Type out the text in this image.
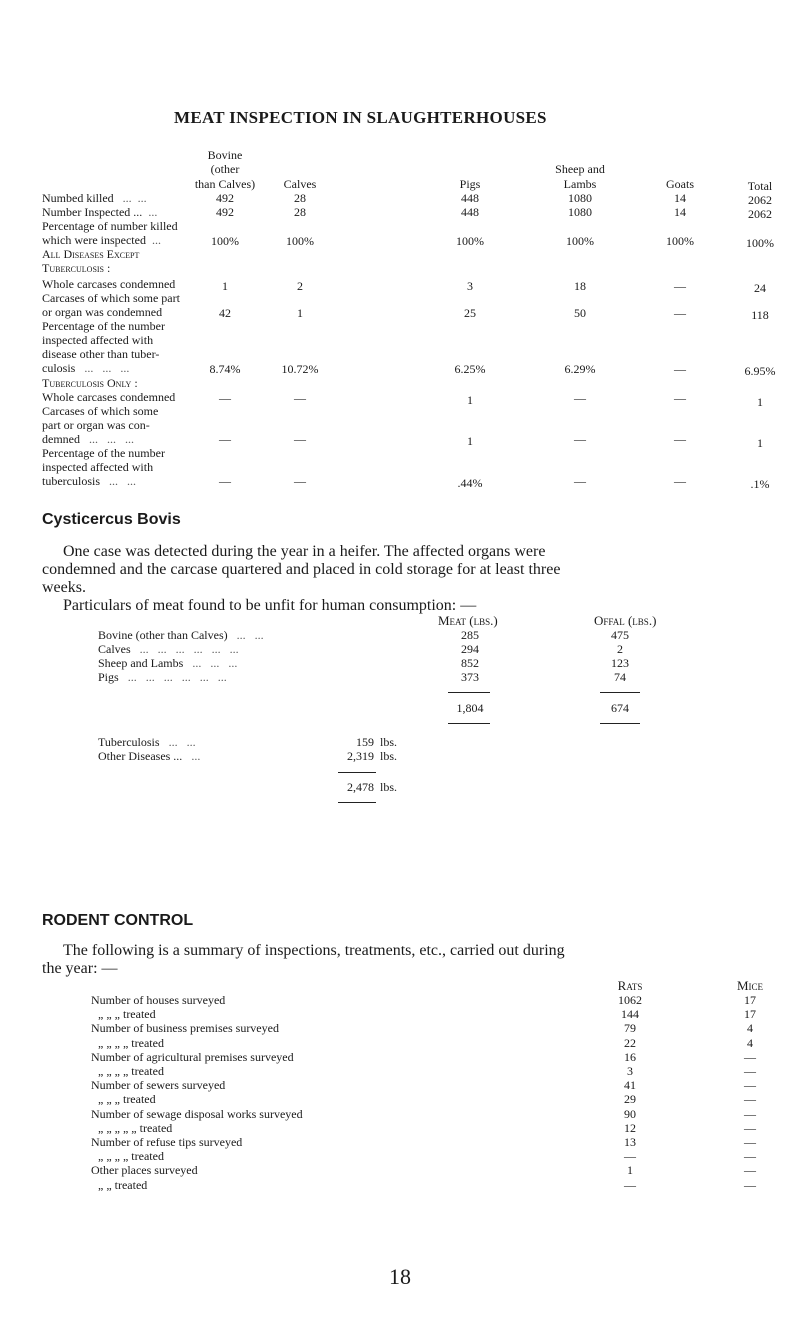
MEAT INSPECTION IN SLAUGHTERHOUSES
Bovine
(other
than Calves)	Calves	Pigs
Sheep and
Lambs	Goats	Total
Numbed killed   ...  ...	492	28	448	1080	14	2062
Number Inspected ...  ...	492	28	448	1080	14	2062
Percentage of number killed
which were inspected  ...	100%	100%	100%	100%	100%	100%
All Diseases Except
Tuberculosis :
Whole carcases condemned	1	2	3	18	—	24
Carcases of which some part
or organ was condemned	42	1	25	50	—	118
Percentage of the number
inspected affected with
disease other than tuber-
culosis   ...   ...   ...	8.74%	10.72%	6.25%	6.29%	—	6.95%
Tuberculosis Only :
Whole carcases condemned	—	—	1	—	—	1
Carcases of which some
part or organ was con-
demned   ...   ...   ...	—	—	1	—	—	1
Percentage of the number
inspected affected with
tuberculosis   ...   ...	—	—	.44%	—	—	.1%
Cysticercus Bovis
One case was detected during the year in a heifer. The affected organs were
condemned and the carcase quartered and placed in cold storage for at least three
weeks.
Particulars of meat found to be unfit for human consumption: —
Meat (lbs.)	Offal (lbs.)
Bovine (other than Calves)   ...   ...	285	475
Calves   ...   ...   ...   ...   ...   ...	294	2
Sheep and Lambs   ...   ...   ...	852	123
Pigs   ...   ...   ...   ...   ...   ...	373	74
1,804	674
Tuberculosis   ...   ...	159 lbs.
Other Diseases ...   ...	2,319 lbs.
2,478 lbs.
RODENT CONTROL
The following is a summary of inspections, treatments, etc., carried out during
the year: —
Rats	Mice
Number of houses surveyed	1062	17
„ „ „ treated	144	17
Number of business premises surveyed	79	4
„ „ „ „ treated	22	4
Number of agricultural premises surveyed	16	—
„ „ „ „ treated	3	—
Number of sewers surveyed	41	—
„ „ „ treated	29	—
Number of sewage disposal works surveyed	90	—
„ „ „ „ „ treated	12	—
Number of refuse tips surveyed	13	—
„ „ „ „ treated	—	—
Other places surveyed	1	—
„ „ treated	—	—
18
